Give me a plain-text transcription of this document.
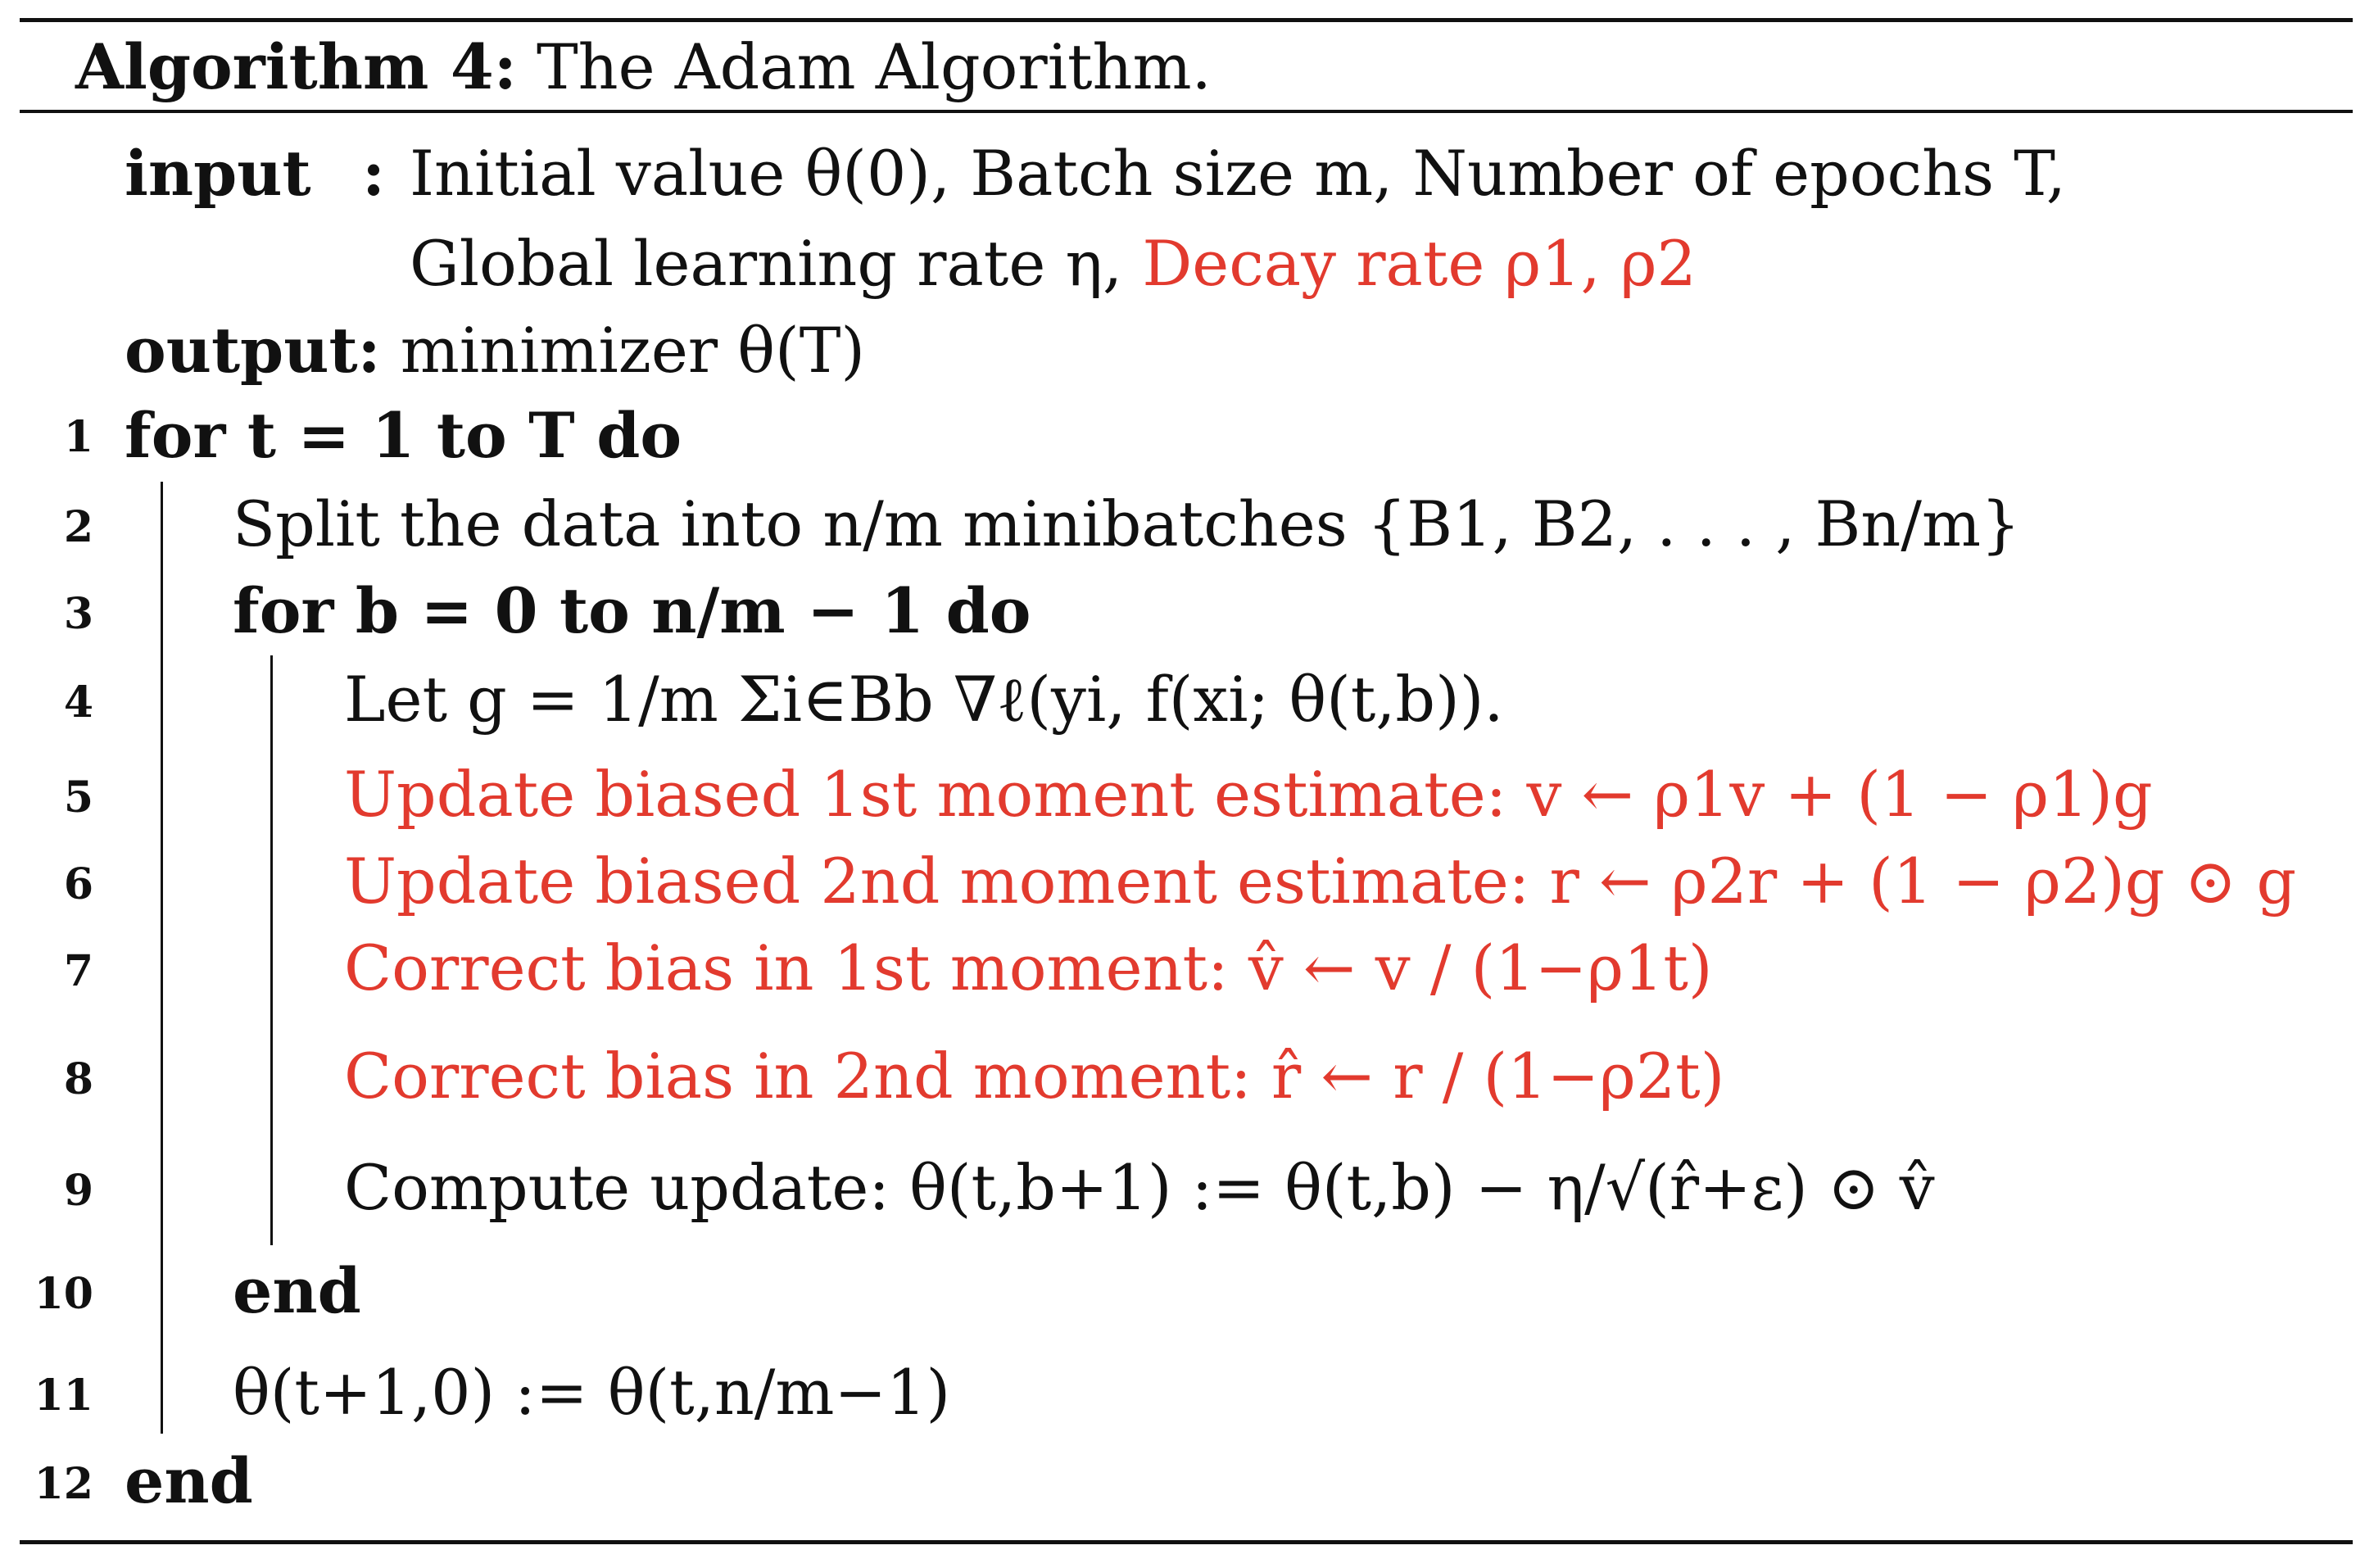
Algorithm 4: The Adam Algorithm.
input : Initial value θ(0), Batch size m, Number of epochs T,
Global learning rate η, Decay rate ρ1, ρ2
output: minimizer θ(T)
1
2
3
4
5
6
7
8
9
10
11
12
for t = 1 to T do
Split the data into n/m minibatches {B1, B2, . . . , Bn/m}
for b = 0 to n/m − 1 do
Let g = 1/m Σi∈Bb ∇ℓ(yi, f(xi; θ(t,b)).
Update biased 1st moment estimate: v ← ρ1v + (1 − ρ1)g
Update biased 2nd moment estimate: r ← ρ2r + (1 − ρ2)g ⊙ g
Correct bias in 1st moment: v̂ ← v / (1−ρ1t)
Correct bias in 2nd moment: r̂ ← r / (1−ρ2t)
Compute update: θ(t,b+1) := θ(t,b) − η/√(r̂+ε) ⊙ v̂
end
θ(t+1,0) := θ(t,n/m−1)
end
